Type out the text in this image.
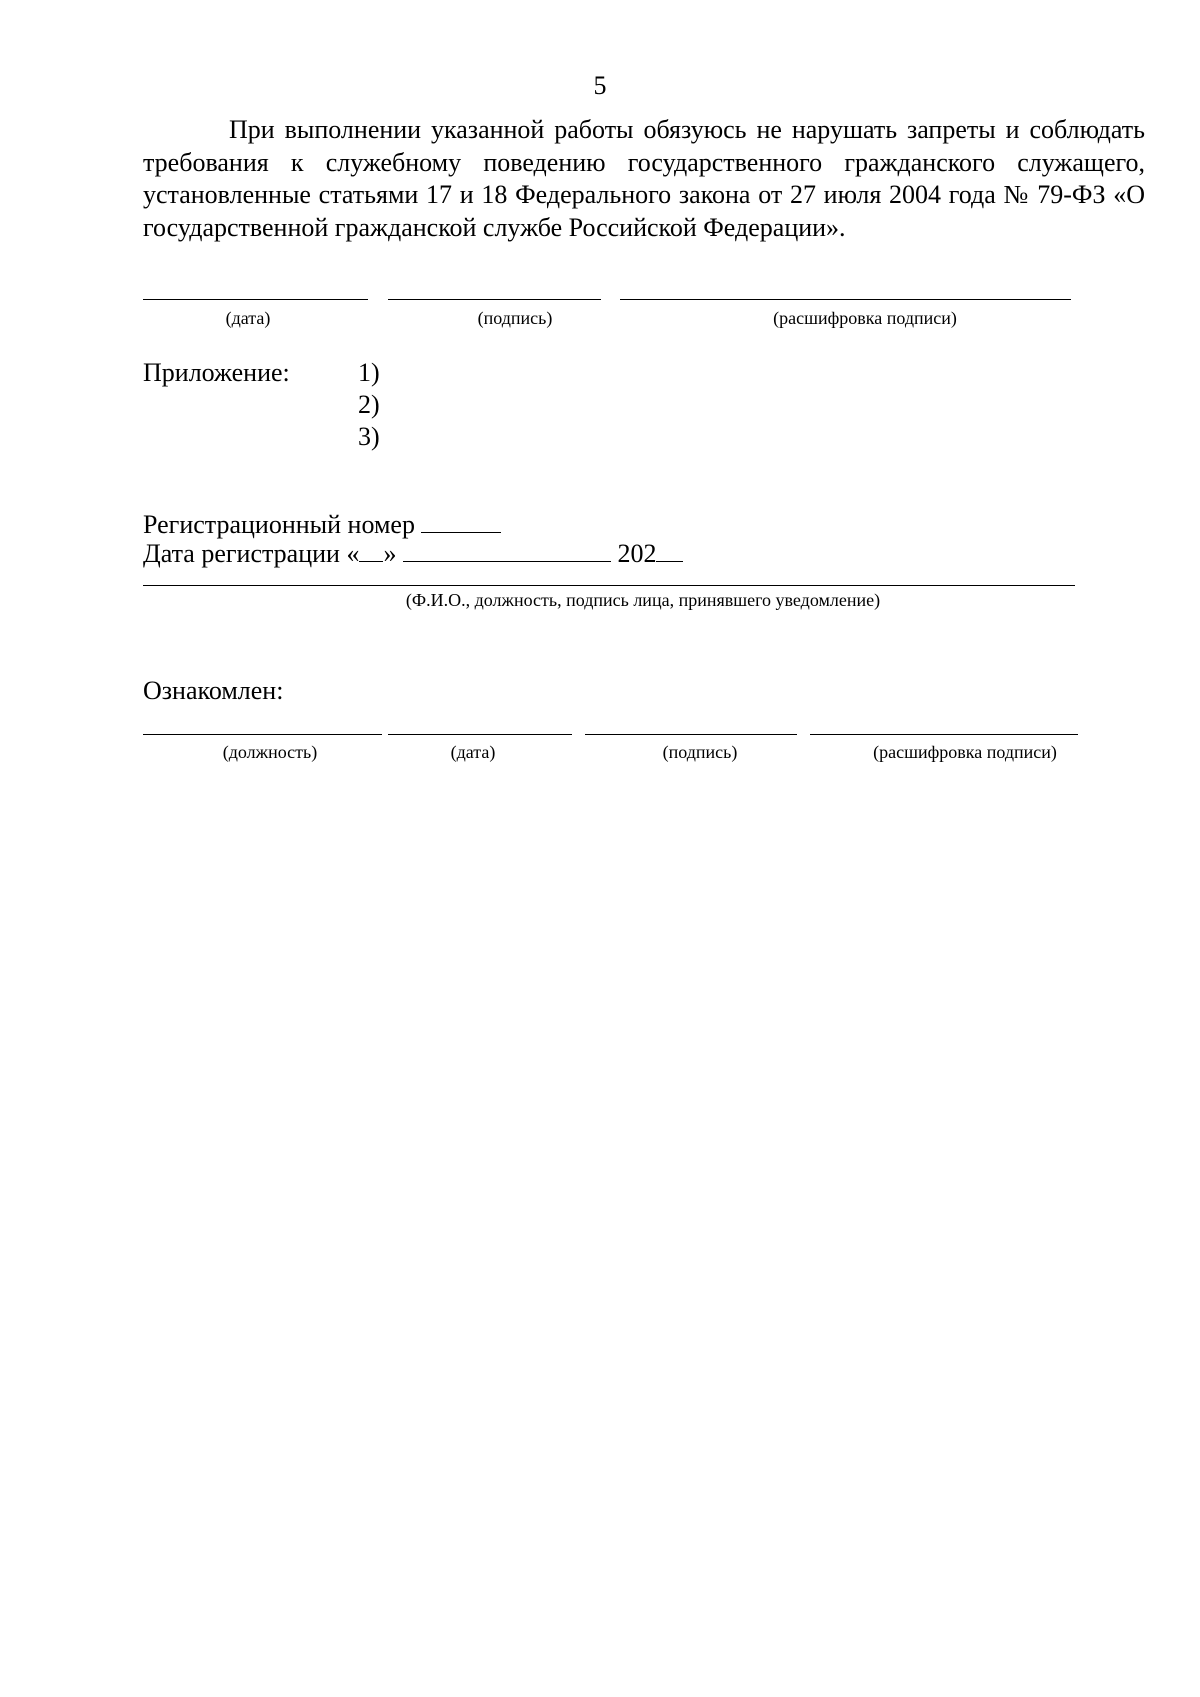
5

При выполнении указанной работы обязуюсь не нарушать запреты и соблюдать требования к служебному поведению государственного гражданского служащего, установленные статьями 17 и 18 Федерального закона от 27 июля 2004 года № 79-ФЗ «О государственной гражданской службе Российской Федерации».

(дата)	(подпись)	(расшифровка подписи)
Приложение:	1)
2)
3)
Регистрационный номер
Дата регистрации « »	202
(Ф.И.О., должность, подпись лица, принявшего уведомление)
Ознакомлен:
(должность)	(дата)	(подпись)	(расшифровка подписи)
